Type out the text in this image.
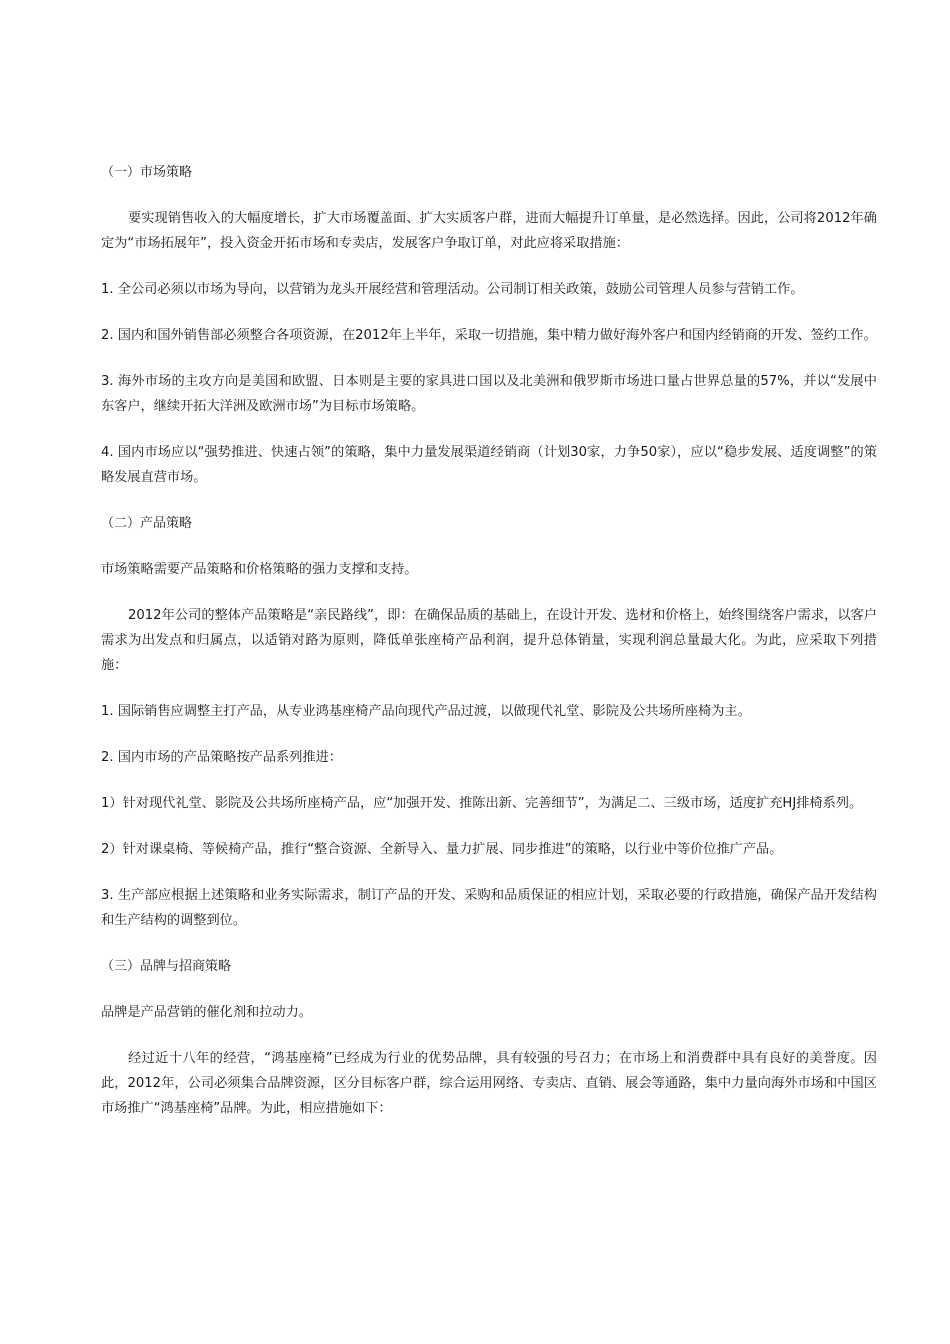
（一）市场策略

要实现销售收入的大幅度增长，扩大市场覆盖面、扩大实质客户群，进而大幅提升订单量，是必然选择。因此，公司将2012年确定为“市场拓展年”，投入资金开拓市场和专卖店，发展客户争取订单，对此应将采取措施：

1. 全公司必须以市场为导向，以营销为龙头开展经营和管理活动。公司制订相关政策，鼓励公司管理人员参与营销工作。

2. 国内和国外销售部必须整合各项资源，在2012年上半年，采取一切措施，集中精力做好海外客户和国内经销商的开发、签约工作。

3. 海外市场的主攻方向是美国和欧盟、日本则是主要的家具进口国以及北美洲和俄罗斯市场进口量占世界总量的57%，并以“发展中东客户，继续开拓大洋洲及欧洲市场”为目标市场策略。

4. 国内市场应以“强势推进、快速占领”的策略，集中力量发展渠道经销商（计划30家，力争50家），应以“稳步发展、适度调整”的策略发展直营市场。

（二）产品策略

市场策略需要产品策略和价格策略的强力支撑和支持。

2012年公司的整体产品策略是“亲民路线”，即：在确保品质的基础上，在设计开发、选材和价格上，始终围绕客户需求，以客户需求为出发点和归属点，以适销对路为原则，降低单张座椅产品利润，提升总体销量，实现利润总量最大化。为此，应采取下列措施：

1. 国际销售应调整主打产品，从专业鸿基座椅产品向现代产品过渡，以做现代礼堂、影院及公共场所座椅为主。

2. 国内市场的产品策略按产品系列推进：

1）针对现代礼堂、影院及公共场所座椅产品，应“加强开发、推陈出新、完善细节”，为满足二、三级市场，适度扩充HJ排椅系列。

2）针对课桌椅、等候椅产品，推行“整合资源、全新导入、量力扩展、同步推进”的策略，以行业中等价位推广产品。

3. 生产部应根据上述策略和业务实际需求，制订产品的开发、采购和品质保证的相应计划，采取必要的行政措施，确保产品开发结构和生产结构的调整到位。

（三）品牌与招商策略

品牌是产品营销的催化剂和拉动力。

经过近十八年的经营，“鸿基座椅”已经成为行业的优势品牌，具有较强的号召力；在市场上和消费群中具有良好的美誉度。因此，2012年，公司必须集合品牌资源，区分目标客户群，综合运用网络、专卖店、直销、展会等通路，集中力量向海外市场和中国区市场推广“鸿基座椅”品牌。为此，相应措施如下：
